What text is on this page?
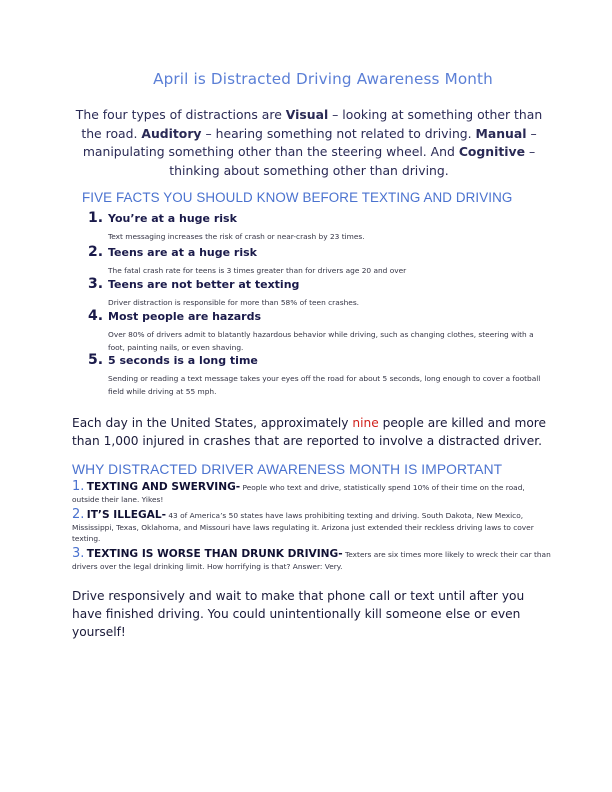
April is Distracted Driving Awareness Month
The four types of distractions are Visual – looking at something other than the road. Auditory – hearing something not related to driving. Manual – manipulating something other than the steering wheel. And Cognitive – thinking about something other than driving.
FIVE FACTS YOU SHOULD KNOW BEFORE TEXTING AND DRIVING
1. You’re at a huge risk
Text messaging increases the risk of crash or near-crash by 23 times.
2. Teens are at a huge risk
The fatal crash rate for teens is 3 times greater than for drivers age 20 and over
3. Teens are not better at texting
Driver distraction is responsible for more than 58% of teen crashes.
4. Most people are hazards
Over 80% of drivers admit to blatantly hazardous behavior while driving, such as changing clothes, steering with a foot, painting nails, or even shaving.
5. 5 seconds is a long time
Sending or reading a text message takes your eyes off the road for about 5 seconds, long enough to cover a football field while driving at 55 mph.
Each day in the United States, approximately nine people are killed and more than 1,000 injured in crashes that are reported to involve a distracted driver.
WHY DISTRACTED DRIVER AWARENESS MONTH IS IMPORTANT
1. TEXTING AND SWERVING- People who text and drive, statistically spend 10% of their time on the road, outside their lane. Yikes!
2. IT’S ILLEGAL- 43 of America’s 50 states have laws prohibiting texting and driving. South Dakota, New Mexico, Mississippi, Texas, Oklahoma, and Missouri have laws regulating it. Arizona just extended their reckless driving laws to cover texting.
3. TEXTING IS WORSE THAN DRUNK DRIVING- Texters are six times more likely to wreck their car than drivers over the legal drinking limit. How horrifying is that? Answer: Very.
Drive responsively and wait to make that phone call or text until after you have finished driving. You could unintentionally kill someone else or even yourself!
